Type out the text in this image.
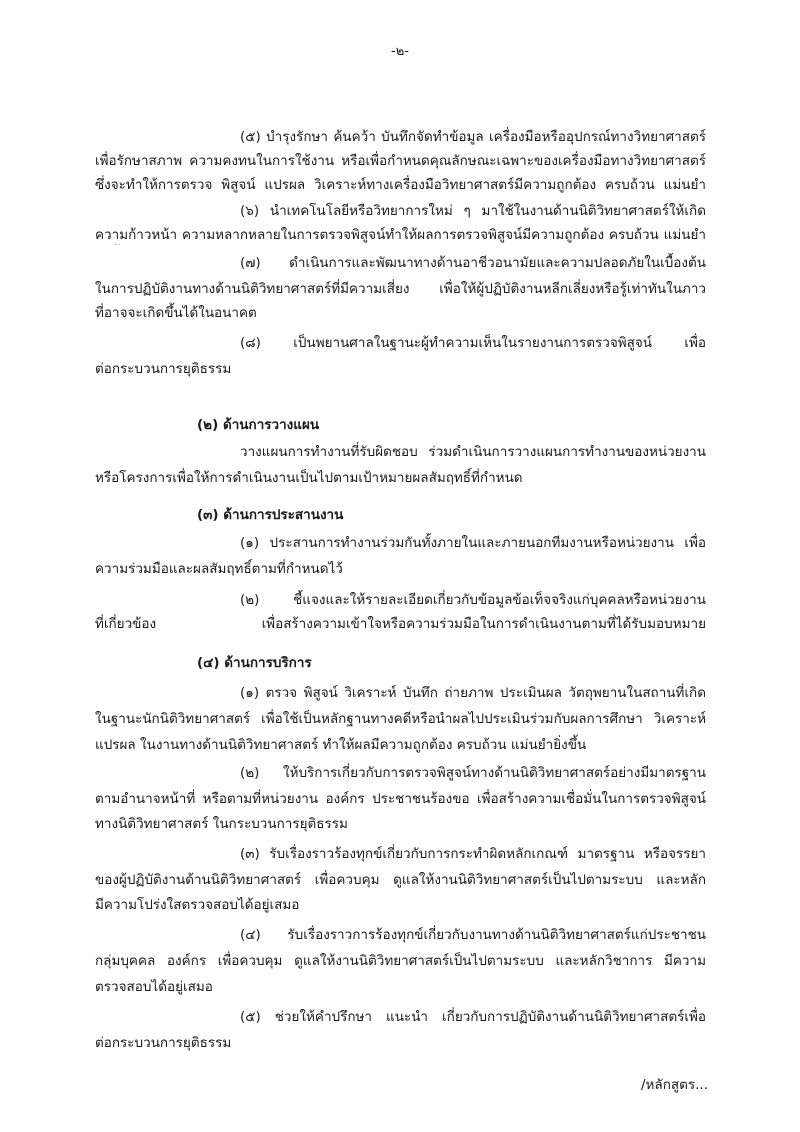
-๒-
(๕) บำรุงรักษา ค้นคว้า บันทึกจัดทำข้อมูล เครื่องมือหรืออุปกรณ์ทางวิทยาศาสตร์
เพื่อรักษาสภาพ ความคงทนในการใช้งาน หรือเพื่อกำหนดคุณลักษณะเฉพาะของเครื่องมือทางวิทยาศาสตร์
ซึ่งจะทำให้การตรวจ พิสูจน์ แปรผล วิเคราะห์ทางเครื่องมือวิทยาศาสตร์มีความถูกต้อง ครบถ้วน แม่นยำ
(๖) นำเทคโนโลยีหรือวิทยาการใหม่ ๆ มาใช้ในงานด้านนิติวิทยาศาสตร์ให้เกิด
ความก้าวหน้า ความหลากหลายในการตรวจพิสูจน์ทำให้ผลการตรวจพิสูจน์มีความถูกต้อง ครบถ้วน แม่นยำ
(๗) ดำเนินการและพัฒนาทางด้านอาชีวอนามัยและความปลอดภัยในเบื้องต้น
ในการปฏิบัติงานทางด้านนิติวิทยาศาสตร์ที่มีความเสี่ยง เพื่อให้ผู้ปฏิบัติงานหลีกเลี่ยงหรือรู้เท่าทันในภาว
ที่อาจจะเกิดขึ้นได้ในอนาคต
(๘) เป็นพยานศาลในฐานะผู้ทำความเห็นในรายงานการตรวจพิสูจน์ เพื่อ
ต่อกระบวนการยุติธรรม
(๒) ด้านการวางแผน
วางแผนการทำงานที่รับผิดชอบ ร่วมดำเนินการวางแผนการทำงานของหน่วยงาน
หรือโครงการเพื่อให้การดำเนินงานเป็นไปตามเป้าหมายผลสัมฤทธิ์ที่กำหนด
(๓) ด้านการประสานงาน
(๑) ประสานการทำงานร่วมกันทั้งภายในและภายนอกทีมงานหรือหน่วยงาน เพื่อ
ความร่วมมือและผลสัมฤทธิ์ตามที่กำหนดไว้
(๒) ชี้แจงและให้รายละเอียดเกี่ยวกับข้อมูลข้อเท็จจริงแก่บุคคลหรือหน่วยงาน
ที่เกี่ยวข้อง เพื่อสร้างความเข้าใจหรือความร่วมมือในการดำเนินงานตามที่ได้รับมอบหมาย
(๔) ด้านการบริการ
(๑) ตรวจ พิสูจน์ วิเคราะห์ บันทึก ถ่ายภาพ ประเมินผล วัตถุพยานในสถานที่เกิด
ในฐานะนักนิติวิทยาศาสตร์ เพื่อใช้เป็นหลักฐานทางคดีหรือนำผลไปประเมินร่วมกับผลการศึกษา วิเคราะห์
แปรผล ในงานทางด้านนิติวิทยาศาสตร์ ทำให้ผลมีความถูกต้อง ครบถ้วน แม่นยำยิ่งขึ้น
(๒) ให้บริการเกี่ยวกับการตรวจพิสูจน์ทางด้านนิติวิทยาศาสตร์อย่างมีมาตรฐาน
ตามอำนาจหน้าที่ หรือตามที่หน่วยงาน องค์กร ประชาชนร้องขอ เพื่อสร้างความเชื่อมั่นในการตรวจพิสูจน์
ทางนิติวิทยาศาสตร์ ในกระบวนการยุติธรรม
(๓) รับเรื่องราวร้องทุกข์เกี่ยวกับการกระทำผิดหลักเกณฑ์ มาตรฐาน หรือจรรยา
ของผู้ปฏิบัติงานด้านนิติวิทยาศาสตร์ เพื่อควบคุม ดูแลให้งานนิติวิทยาศาสตร์เป็นไปตามระบบ และหลัก
มีความโปร่งใสตรวจสอบได้อยู่เสมอ
(๔) รับเรื่องราวการร้องทุกข์เกี่ยวกับงานทางด้านนิติวิทยาศาสตร์แก่ประชาชน
กลุ่มบุคคล องค์กร เพื่อควบคุม ดูแลให้งานนิติวิทยาศาสตร์เป็นไปตามระบบ และหลักวิชาการ มีความ
ตรวจสอบได้อยู่เสมอ
(๕) ช่วยให้คำปรึกษา แนะนำ เกี่ยวกับการปฏิบัติงานด้านนิติวิทยาศาสตร์เพื่อ
ต่อกระบวนการยุติธรรม
/หลักสูตร...
